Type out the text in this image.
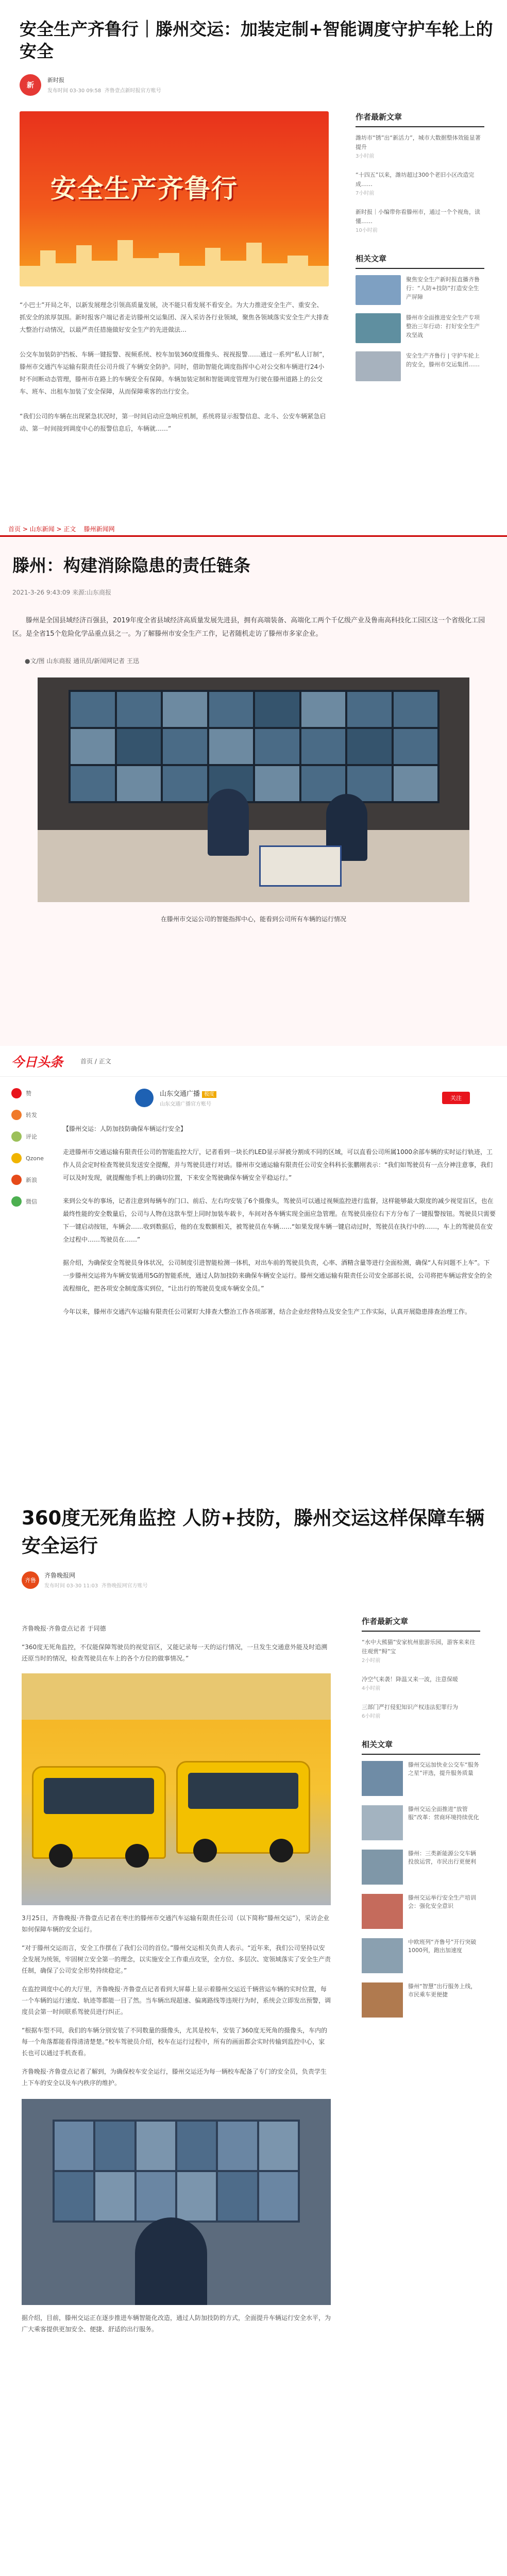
安全生产齐鲁行｜滕州交运：加装定制+智能调度守护车轮上的安全
新
新时报
发布时间 03-30 09:58 齐鲁壹点新时报官方账号
安全生产齐鲁行
“小巴士”开局之年，以新发展理念引领高质量发展，决不能只看发展不看安全。为大力推进安全生产、重安全、抓安全的浓厚氛围。新时报客户端记者走访滕州交运集团、深入采访各行业领域，聚焦各领域落实安全生产大排查大整治行动情况，以最严责任措施做好安全生产的先进做法…
公交车加装防护挡板、车辆一键报警、视频系统、校车加装360度摄像头、视视报警……通过一系列“私人订制”，滕州市交通汽车运输有限责任公司升级了车辆安全防护。同时，借助智能化调度指挥中心对公交和车辆进行24小时不间断动态管理，滕州市在路上的车辆安全有保障。车辆加装定制和智能调度管理为行驶在滕州道路上的公交车、班车、出租车加装了安全保障，从而保障乘客的出行安全。
“我们公司的车辆在出现紧急状况时，第一时间启动应急响应机制，系统将显示报警信息、北斗、公安车辆紧急启动、第一时间接到调度中心的报警信息后，车辆就……”
作者最新文章
潍坊市“锈”出“新活力”，城市大数据整体效能显著提升
3小时前
“十四五”以来，潍坊超过300个老旧小区改造完成……
7小时前
新时报｜小编带你看滕州市，通过一个个视角，读懂……
10小时前
相关文章
聚焦安全生产新时报直播齐鲁行：“人防+技防”打造安全生产屏障
滕州市全面推进安全生产专项整治三年行动：打好安全生产攻坚战
安全生产齐鲁行 | 守护车轮上的安全，滕州市交运集团……
首页 > 山东新闻 > 正文 滕州新闻网
滕州：构建消除隐患的责任链条
2021-3-26 9:43:09 来源:山东商报
滕州是全国县域经济百强县，2019年度全省县域经济高质量发展先进县，拥有高端装备、高端化工两个千亿级产业及鲁南高科技化工园区这一个省级化工园区。是全省15个危险化学品重点县之一。为了解滕州市安全生产工作，记者随机走访了滕州市多家企业。
●文/图 山东商报 通讯员/新闻网记者 王迅
在滕州市交运公司的智能指挥中心，能看到公司所有车辆的运行情况
今日头条	首页 / 正文
赞
转发
评论
Qzone
新浪
微信
山东交通广播 极度
山东交通广播官方账号
关注
【滕州交运：人防加技防确保车辆运行安全】
走进滕州市交通运输有限责任公司的智能监控大厅，记者看到一块长约LED显示屏被分割成不同的区域，可以直看公司所属1000余部车辆的实时运行轨迹，工作人员会定时检查驾驶员发送安全提醒，并与驾驶员进行对话。滕州市交通运输有限责任公司安全科科长张鹏刚表示：“我们如驾驶员有一点分神注意事，我们可以及时发现，就提醒他手机上的确切位置，下来安全驾驶确保车辆安全平稳运行。”
来到公交车的事场，记者注意到每辆车的门口、前后、左右均安装了6个摄像头，驾驶员可以通过视频监控进行监督，这样能够最大限度的减少视觉盲区，也在最终性能的安全数量后，公司与人物在这款车型上同时加装车载卡，车间对各车辆实现全面应急管理。在驾驶员座位右下方分布了一键报警按钮。驾驶员只需要下一键启动按钮，车辆会……收到数据后，他的在发数额相关，被驾驶员在车辆……“如果发现车辆一键启动过时，驾驶员在执行中的……，车上的驾驶员在安全过程中……驾驶员在……”
据介绍，为确保安全驾驶员身体状况，公司制度引进智能检测一体机，对出车前的驾驶员负责，心率、酒精含量等进行全面检测，确保“人有问题不上车”。下一步滕州交运将为车辆安装通用5G的智能系统，通过人防加技防来确保车辆安全运行。滕州交通运输有限责任公司安全部部长说，公司将把车辆运营安全的全流程细化，把各项安全制度落实到位，“让出行的驾驶员变成车辆安全员。”
今年以来，滕州市交通汽车运输有限责任公司紧盯大排查大整治工作各项部署，结合企业经营特点及安全生产工作实际，认真开展隐患排查治理工作。
360度无死角监控 人防+技防，滕州交运这样保障车辆安全运行
齐鲁
齐鲁晚报网
发布时间 03-30 11:03 齐鲁晚报网官方账号
齐鲁晚报·齐鲁壹点记者 于同德
“360度无死角监控，不仅能保障驾驶员的视觉盲区，又能记录每一天的运行情况，一旦发生交通意外能及时追溯还原当时的情况，检查驾驶员在车上的各个方位的做事情况。”
3月25日，齐鲁晚报·齐鲁壹点记者在枣庄的滕州市交通汽车运输有限责任公司（以下简称“滕州交运”），采访企业如何保障车辆的安全运行。
“对于滕州交运而言，安全工作摆在了我们公司的首位。”滕州交运相关负责人表示。“近年来，我们公司坚持以安全发展为统领，牢固树立安全第一的理念，以实施安全工作重点攻坚，全方位、多层次、宽领域落实了安全生产责任制，确保了公司安全形势持续稳定。”
在监控调度中心的大厅里，齐鲁晚报·齐鲁壹点记者看到大屏幕上显示着滕州交运近千辆营运车辆的实时位置，每一个车辆的运行速度、轨迹等都能一目了然。当车辆出现超速、偏离路线等违规行为时，系统会立即发出预警，调度员会第一时间联系驾驶员进行纠正。
“根据车型不同，我们的车辆分别安装了不同数量的摄像头，尤其是校车，安装了360度无死角的摄像头，车内的每一个角落都能看得清清楚楚。”校车驾驶员介绍，校车在运行过程中，所有的画面都会实时传输到监控中心，家长也可以通过手机查看。
齐鲁晚报·齐鲁壹点记者了解到，为确保校车安全运行，滕州交运还为每一辆校车配备了专门的安全员，负责学生上下车的安全以及车内秩序的维护。
据介绍，目前，滕州交运正在逐步推进车辆智能化改造，通过人防加技防的方式，全面提升车辆运行安全水平，为广大乘客提供更加安全、便捷、舒适的出行服务。
作者最新文章
“水中大熊猫”安家杭州旅游乐园，游客来来往往观赏“鲟”宝
2小时前
冷空气来袭！降温又来一波，注意保暖
4小时前
三部门严打侵犯知识产权违法犯罪行为
6小时前
相关文章
滕州交运加快业公交车“服务之星”评选，提升服务质量
滕州交运全面推进“放管服”改革：营商环境持续优化
滕州：三类新能源公交车辆投放运营，市民出行更便利
滕州交运举行安全生产培训会：强化安全意识
中欧班列“齐鲁号”开行突破1000列，跑出加速度
滕州“智慧”出行服务上线，市民乘车更便捷
